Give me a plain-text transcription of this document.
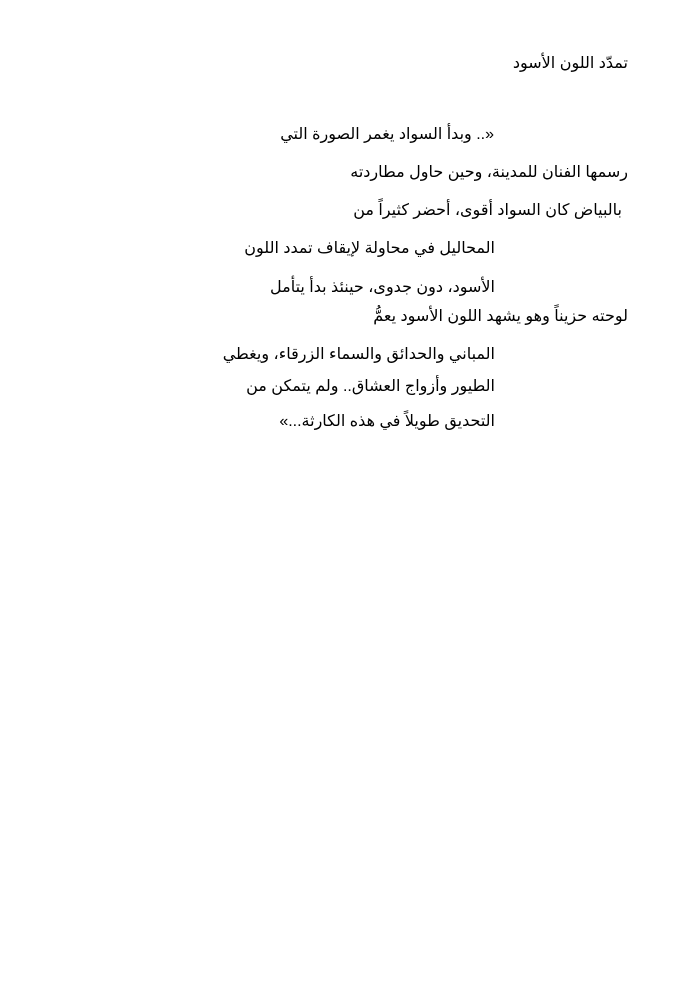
تمدّد اللون الأسود
«.. وبدأ السواد يغمر الصورة التي
رسمها الفنان للمدينة، وحين حاول مطاردته
بالبياض كان السواد أقوى، أحضر كثيراً من
المحاليل في محاولة لإيقاف تمدد اللون
الأسود، دون جدوى، حينئذ بدأ يتأمل
لوحته حزيناً وهو يشهد اللون الأسود يعمُّ
المباني والحدائق والسماء الزرقاء، ويغطي
الطيور وأزواج العشاق.. ولم يتمكن من
التحديق طويلاً في هذه الكارثة...»
